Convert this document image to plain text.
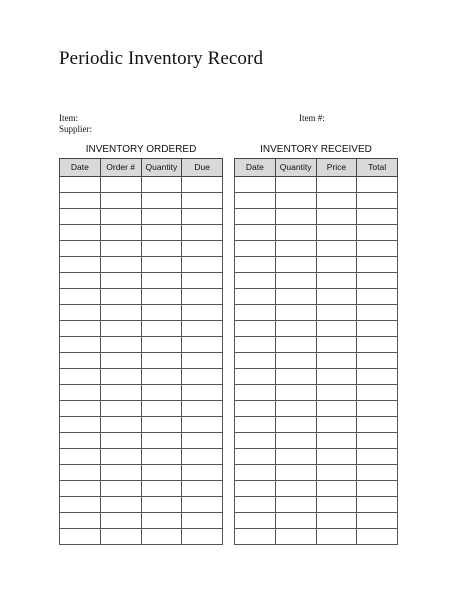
Periodic Inventory Record
Item:
Supplier:
Item #:
INVENTORY ORDERED	INVENTORY RECEIVED
Date	Order #	Quantity	Due

				Date	Quantity	Price	Total
